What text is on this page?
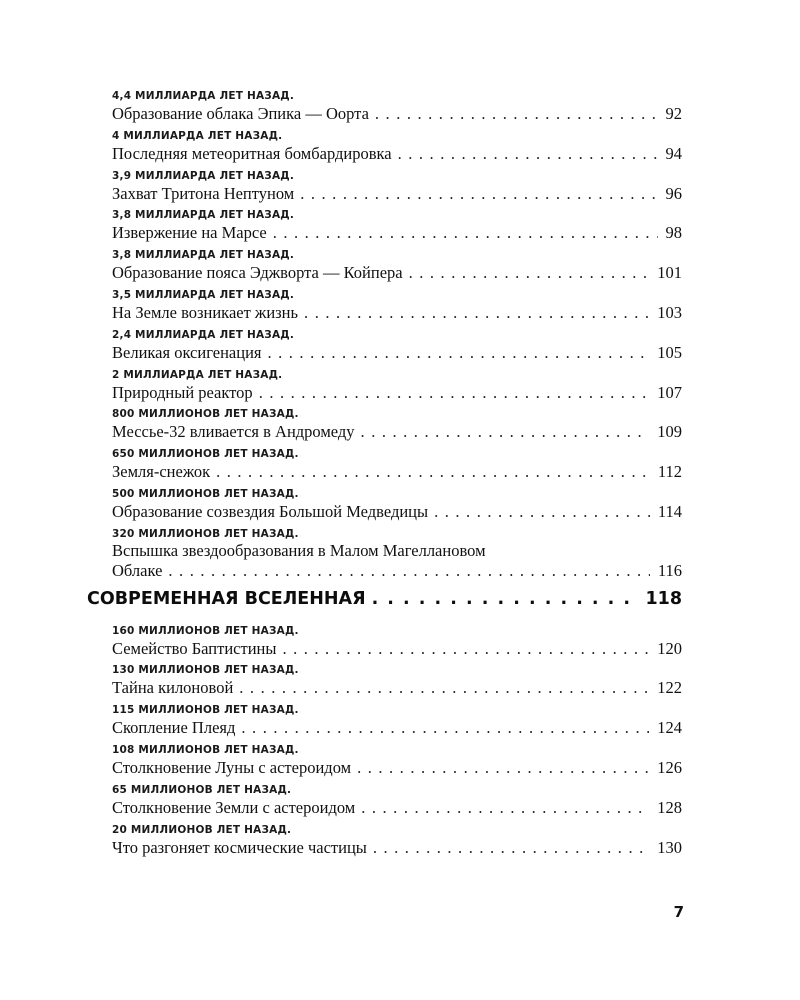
4,4 МИЛЛИАРДА ЛЕТ НАЗАД.
Образование облака Эпика — Оорта . . .	92
4 МИЛЛИАРДА ЛЕТ НАЗАД.
Последняя метеоритная бомбардировка . . .	94
3,9 МИЛЛИАРДА ЛЕТ НАЗАД.
Захват Тритона Нептуном . . .	96
3,8 МИЛЛИАРДА ЛЕТ НАЗАД.
Извержение на Марсе . . .	98
3,8 МИЛЛИАРДА ЛЕТ НАЗАД.
Образование пояса Эджворта — Койпера . . .	101
3,5 МИЛЛИАРДА ЛЕТ НАЗАД.
На Земле возникает жизнь . . .	103
2,4 МИЛЛИАРДА ЛЕТ НАЗАД.
Великая оксигенация . . .	105
2 МИЛЛИАРДА ЛЕТ НАЗАД.
Природный реактор . . .	107
800 МИЛЛИОНОВ ЛЕТ НАЗАД.
Мессье-32 вливается в Андромеду . . .	109
650 МИЛЛИОНОВ ЛЕТ НАЗАД.
Земля-снежок . . .	112
500 МИЛЛИОНОВ ЛЕТ НАЗАД.
Образование созвездия Большой Медведицы . . .	114
320 МИЛЛИОНОВ ЛЕТ НАЗАД.
Вспышка звездообразования в Малом Магеллановом
Облаке . . .	116
СОВРЕМЕННАЯ ВСЕЛЕННАЯ . . .	118
160 МИЛЛИОНОВ ЛЕТ НАЗАД.
Семейство Баптистины . . .	120
130 МИЛЛИОНОВ ЛЕТ НАЗАД.
Тайна килоновой . . .	122
115 МИЛЛИОНОВ ЛЕТ НАЗАД.
Скопление Плеяд . . .	124
108 МИЛЛИОНОВ ЛЕТ НАЗАД.
Столкновение Луны с астероидом . . .	126
65 МИЛЛИОНОВ ЛЕТ НАЗАД.
Столкновение Земли с астероидом . . .	128
20 МИЛЛИОНОВ ЛЕТ НАЗАД.
Что разгоняет космические частицы . . .	130
7
